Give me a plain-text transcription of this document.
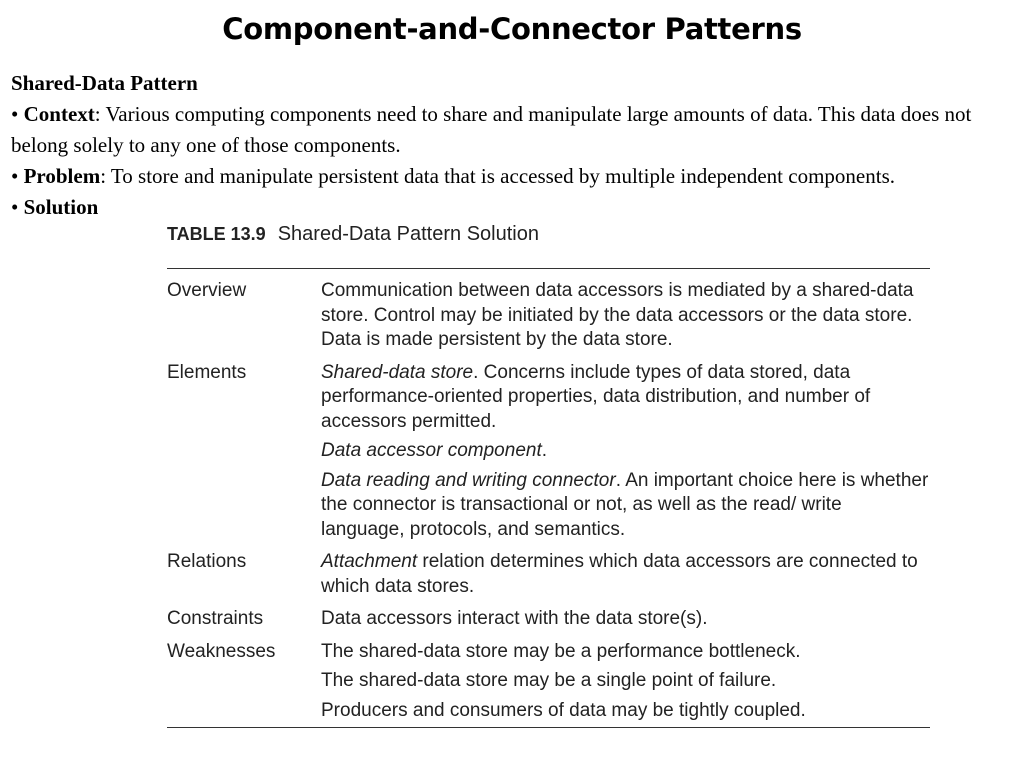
Component-and-Connector Patterns

Shared-Data Pattern

• Context: Various computing components need to share and manipulate large amounts of data. This data does not belong solely to any one of those components.

• Problem: To store and manipulate persistent data that is accessed by multiple independent components.

• Solution

TABLE 13.9 Shared-Data Pattern Solution
Overview	Communication between data accessors is mediated by a shared-data store. Control may be initiated by the data accessors or the data store. Data is made persistent by the data store.
Elements	Shared-data store. Concerns include types of data stored, data performance-oriented properties, data distribution, and number of accessors permitted.
Data accessor component.
Data reading and writing connector. An important choice here is whether the connector is transactional or not, as well as the read/ write language, protocols, and semantics.
Relations	Attachment relation determines which data accessors are connected to which data stores.
Constraints	Data accessors interact with the data store(s).
Weaknesses	The shared-data store may be a performance bottleneck.
The shared-data store may be a single point of failure.
Producers and consumers of data may be tightly coupled.
